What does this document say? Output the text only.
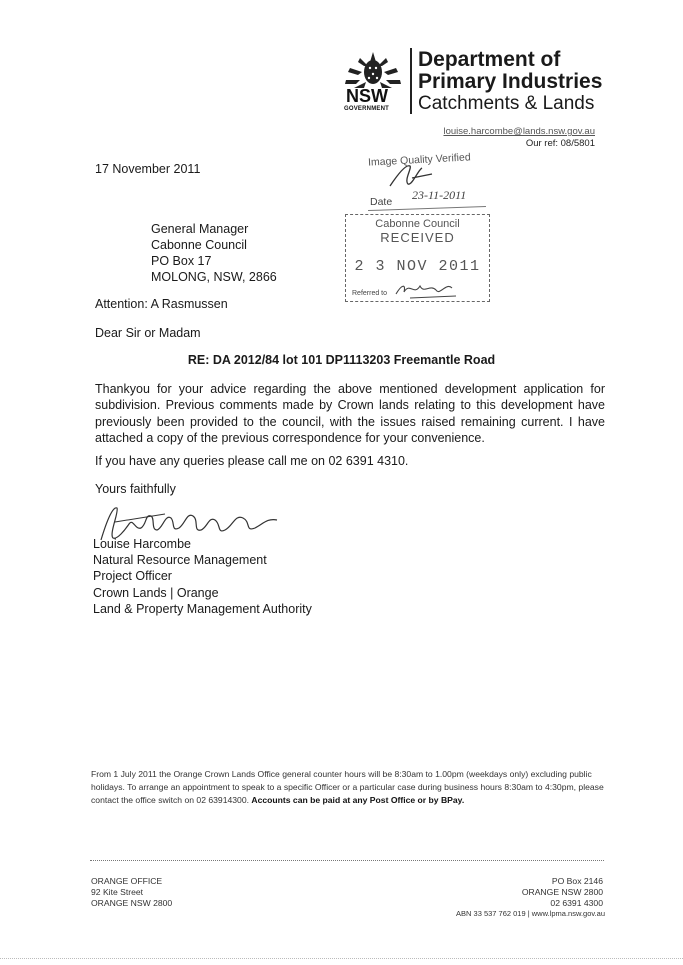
NSW
GOVERNMENT
Department of
Primary Industries
Catchments & Lands
louise.harcombe@lands.nsw.gov.au
Our ref: 08/5801
17 November 2011
Image Quality Verified
Date 23-11-2011
Cabonne Council
RECEIVED
2 3 NOV 2011
Referred to
General Manager
Cabonne Council
PO Box 17
MOLONG, NSW, 2866
Attention: A Rasmussen
Dear Sir or Madam
RE: DA 2012/84 lot 101 DP1113203 Freemantle Road
Thankyou for your advice regarding the above mentioned development application for subdivision. Previous comments made by Crown lands relating to this development have previously been provided to the council, with the issues raised remaining current. I have attached a copy of the previous correspondence for your convenience.
If you have any queries please call me on 02 6391 4310.
Yours faithfully
Louise Harcombe
Natural Resource Management
Project Officer
Crown Lands | Orange
Land & Property Management Authority
From 1 July 2011 the Orange Crown Lands Office general counter hours will be 8:30am to 1.00pm (weekdays only) excluding public holidays. To arrange an appointment to speak to a specific Officer or a particular case during business hours 8:30am to 4:30pm, please contact the office switch on 02 63914300. Accounts can be paid at any Post Office or by BPay.
ORANGE OFFICE
92 Kite Street
ORANGE NSW 2800
PO Box 2146
ORANGE NSW 2800
02 6391 4300
ABN 33 537 762 019 | www.lpma.nsw.gov.au
